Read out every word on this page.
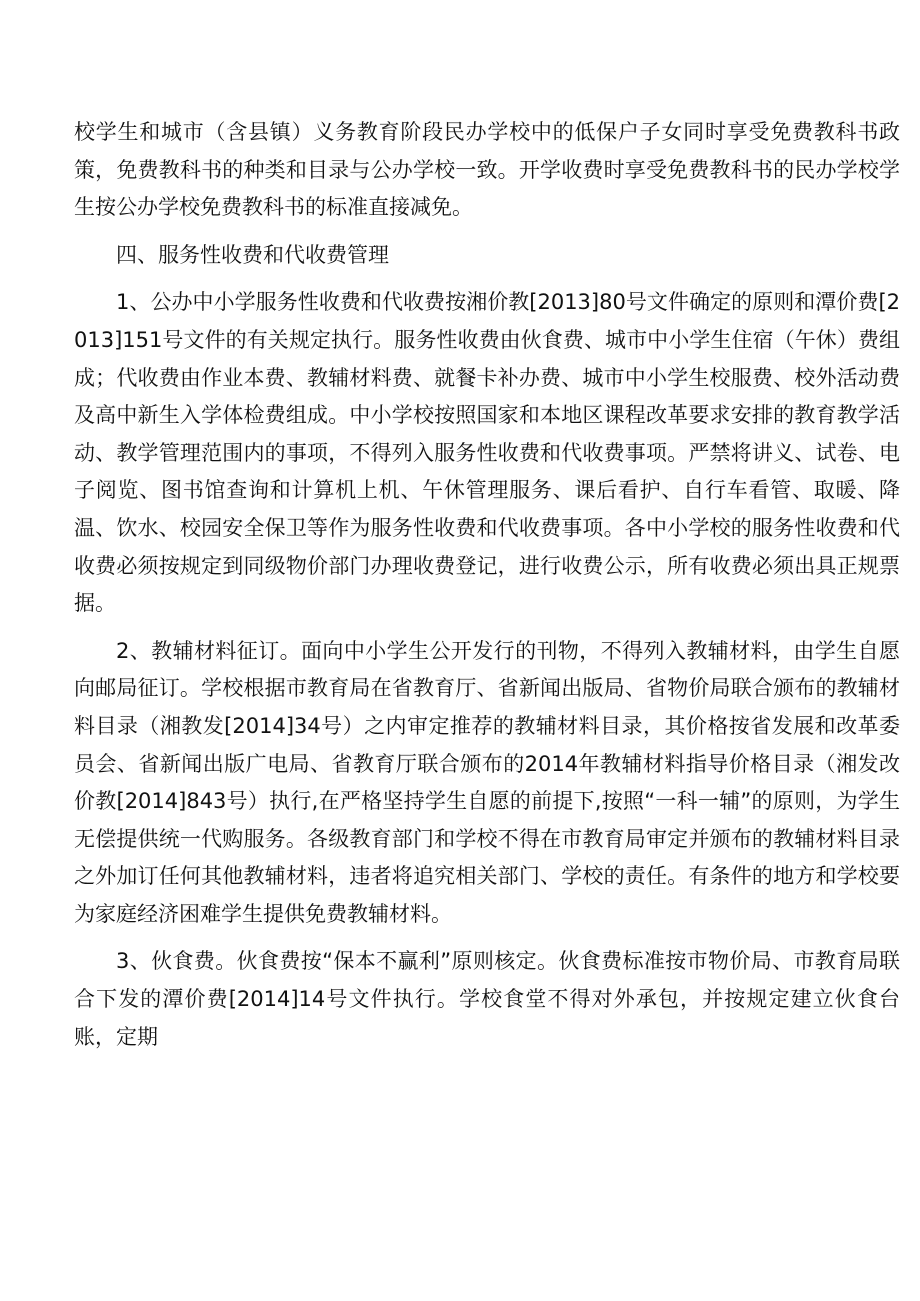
校学生和城市（含县镇）义务教育阶段民办学校中的低保户子女同时享受免费教科书政策，免费教科书的种类和目录与公办学校一致。开学收费时享受免费教科书的民办学校学生按公办学校免费教科书的标准直接减免。

四、服务性收费和代收费管理

1、公办中小学服务性收费和代收费按湘价教[2013]80号文件确定的原则和潭价费[2013]151号文件的有关规定执行。服务性收费由伙食费、城市中小学生住宿（午休）费组成；代收费由作业本费、教辅材料费、就餐卡补办费、城市中小学生校服费、校外活动费及高中新生入学体检费组成。中小学校按照国家和本地区课程改革要求安排的教育教学活动、教学管理范围内的事项，不得列入服务性收费和代收费事项。严禁将讲义、试卷、电子阅览、图书馆查询和计算机上机、午休管理服务、课后看护、自行车看管、取暖、降温、饮水、校园安全保卫等作为服务性收费和代收费事项。各中小学校的服务性收费和代收费必须按规定到同级物价部门办理收费登记，进行收费公示，所有收费必须出具正规票据。

2、教辅材料征订。面向中小学生公开发行的刊物，不得列入教辅材料，由学生自愿向邮局征订。学校根据市教育局在省教育厅、省新闻出版局、省物价局联合颁布的教辅材料目录（湘教发[2014]34号）之内审定推荐的教辅材料目录，其价格按省发展和改革委员会、省新闻出版广电局、省教育厅联合颁布的2014年教辅材料指导价格目录（湘发改价教[2014]843号）执行,在严格坚持学生自愿的前提下,按照“一科一辅”的原则，为学生无偿提供统一代购服务。各级教育部门和学校不得在市教育局审定并颁布的教辅材料目录之外加订任何其他教辅材料，违者将追究相关部门、学校的责任。有条件的地方和学校要为家庭经济困难学生提供免费教辅材料。

3、伙食费。伙食费按“保本不赢利”原则核定。伙食费标准按市物价局、市教育局联合下发的潭价费[2014]14号文件执行。学校食堂不得对外承包，并按规定建立伙食台账，定期
